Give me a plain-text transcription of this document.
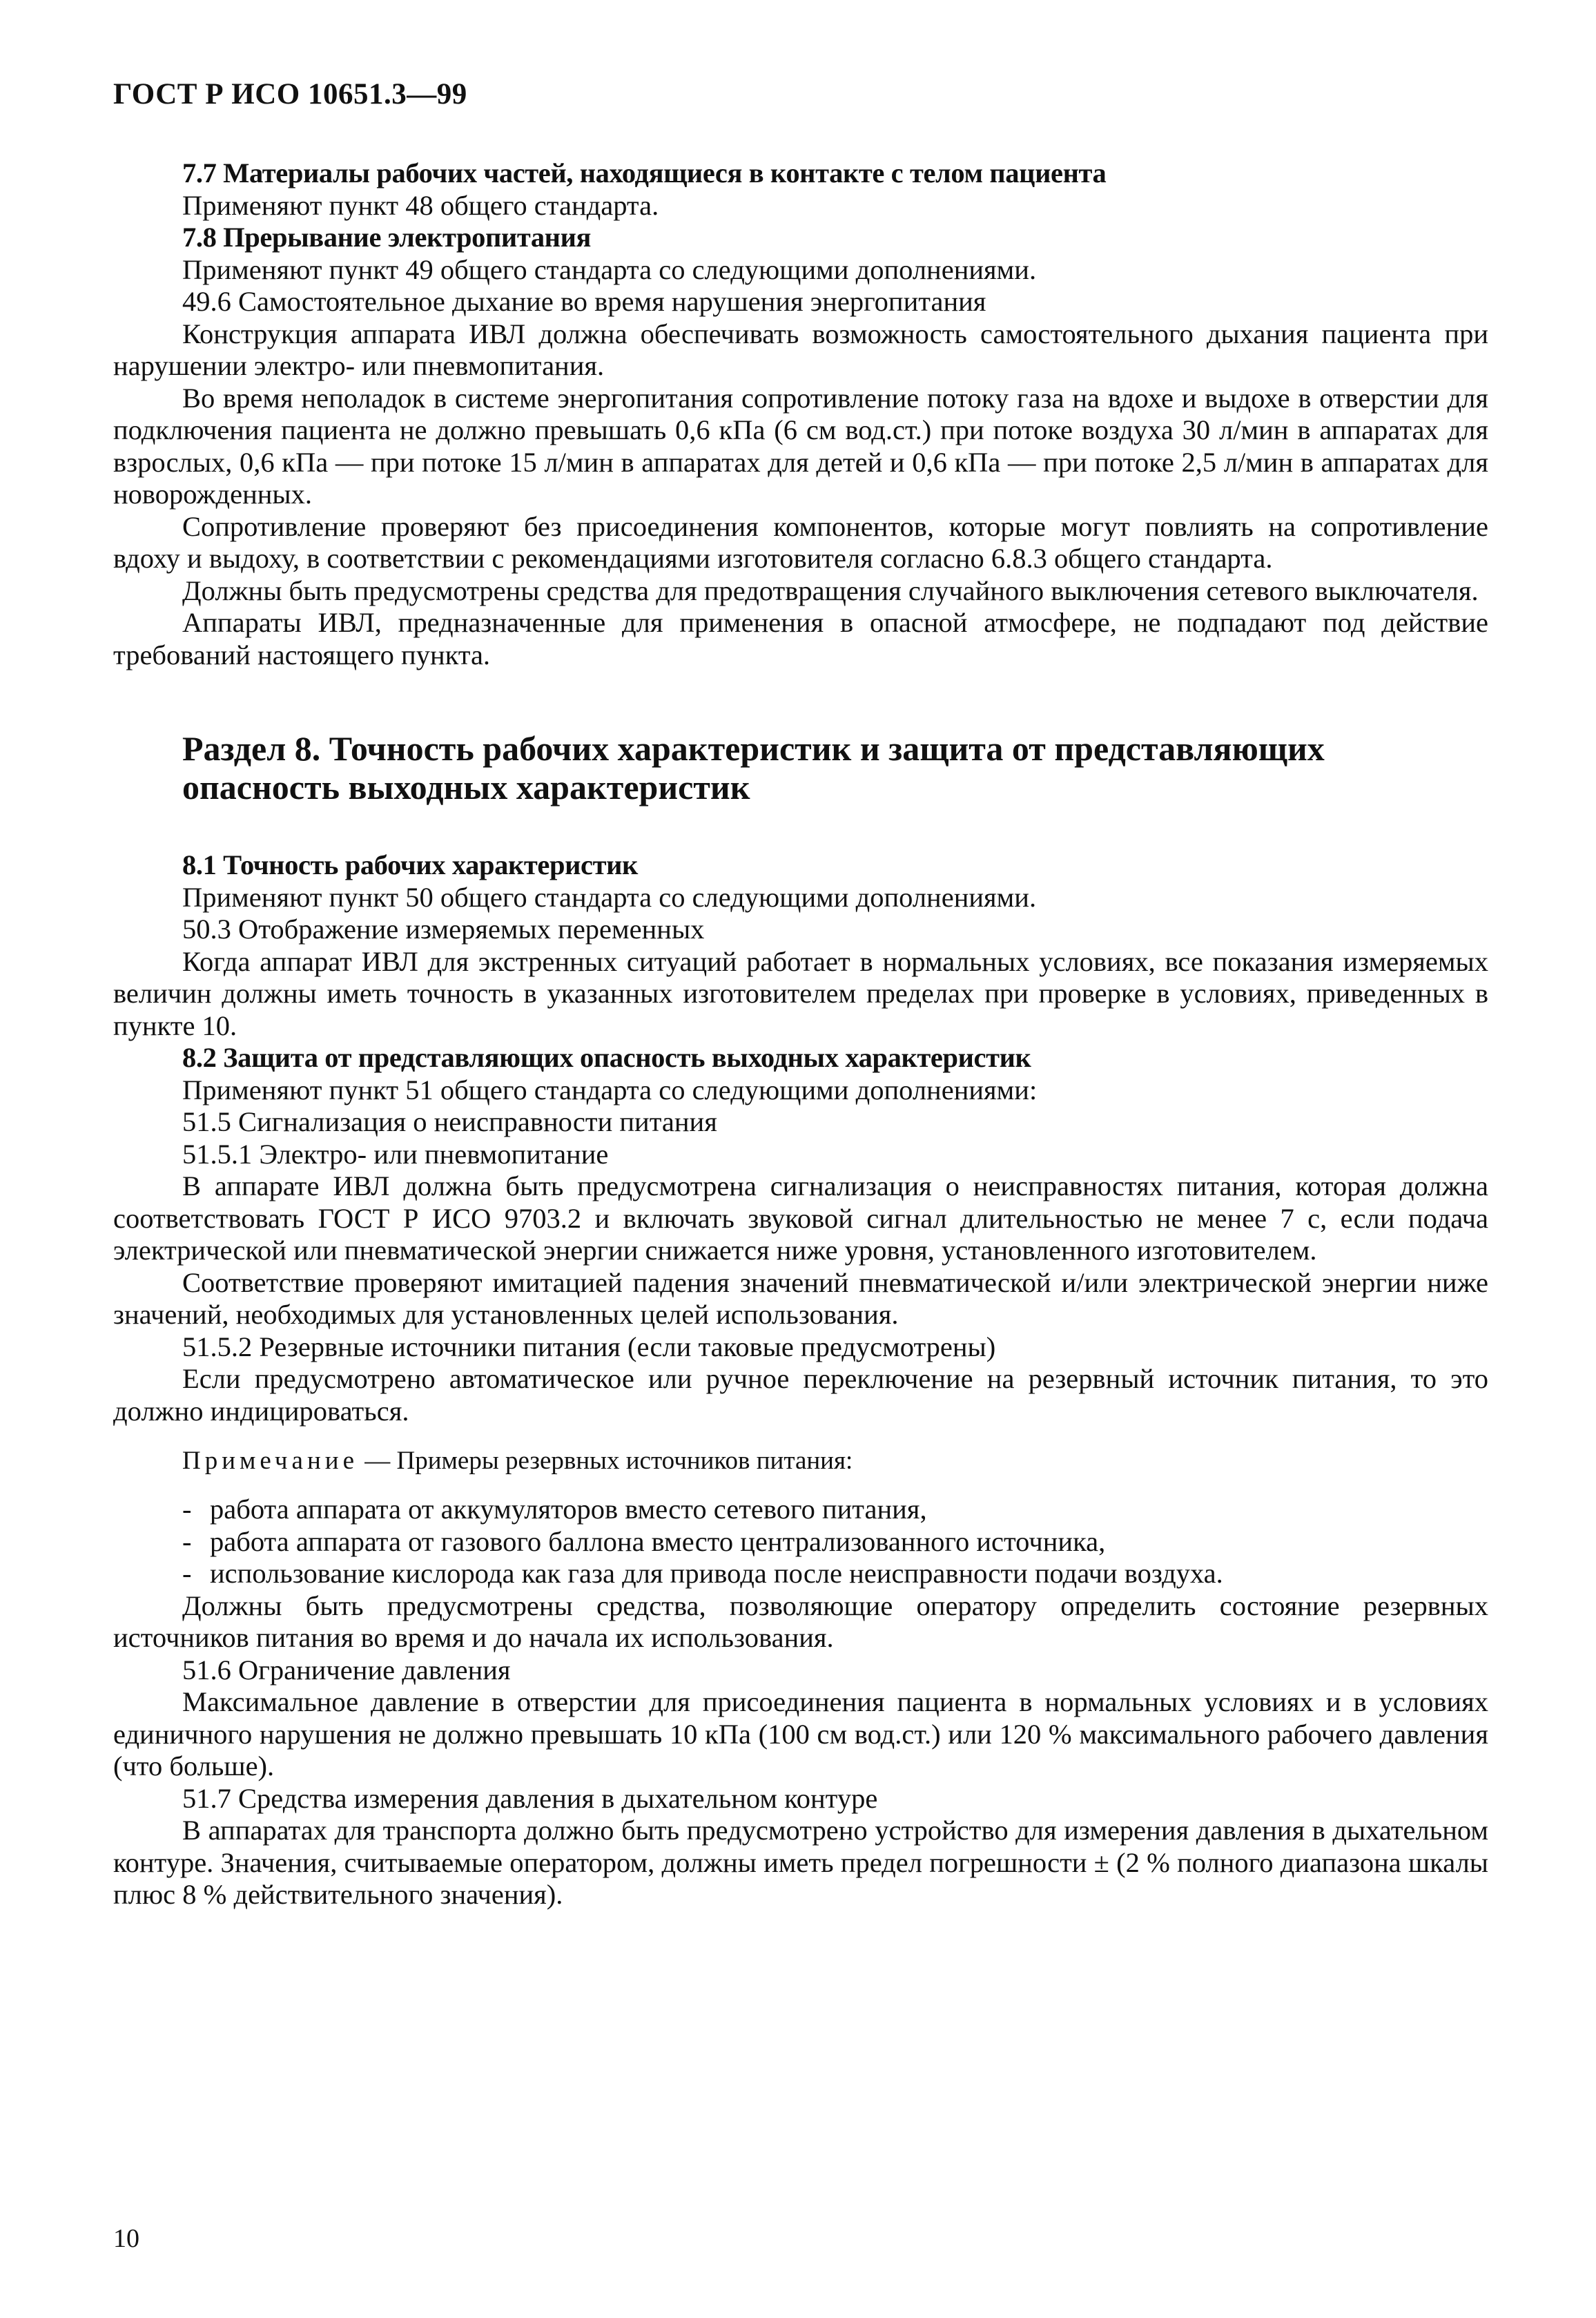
ГОСТ Р ИСО 10651.3—99

7.7 Материалы рабочих частей, находящиеся в контакте с телом пациента

Применяют пункт 48 общего стандарта.

7.8 Прерывание электропитания

Применяют пункт 49 общего стандарта со следующими дополнениями.

49.6 Самостоятельное дыхание во время нарушения энергопитания

Конструкция аппарата ИВЛ должна обеспечивать возможность самостоятельного дыхания пациента при нарушении электро- или пневмопитания.

Во время неполадок в системе энергопитания сопротивление потоку газа на вдохе и выдохе в отверстии для подключения пациента не должно превышать 0,6 кПа (6 см вод.ст.) при потоке воздуха 30 л/мин в аппаратах для взрослых, 0,6 кПа — при потоке 15 л/мин в аппаратах для детей и 0,6 кПа — при потоке 2,5 л/мин в аппаратах для новорожденных.

Сопротивление проверяют без присоединения компонентов, которые могут повлиять на сопротивление вдоху и выдоху, в соответствии с рекомендациями изготовителя согласно 6.8.3 общего стандарта.

Должны быть предусмотрены средства для предотвращения случайного выключения сетевого выключателя.

Аппараты ИВЛ, предназначенные для применения в опасной атмосфере, не подпадают под действие требований настоящего пункта.

Раздел 8. Точность рабочих характеристик и защита от представляющих опасность выходных характеристик

8.1 Точность рабочих характеристик

Применяют пункт 50 общего стандарта со следующими дополнениями.

50.3 Отображение измеряемых переменных

Когда аппарат ИВЛ для экстренных ситуаций работает в нормальных условиях, все показания измеряемых величин должны иметь точность в указанных изготовителем пределах при проверке в условиях, приведенных в пункте 10.

8.2 Защита от представляющих опасность выходных характеристик

Применяют пункт 51 общего стандарта со следующими дополнениями:

51.5 Сигнализация о неисправности питания

51.5.1 Электро- или пневмопитание

В аппарате ИВЛ должна быть предусмотрена сигнализация о неисправностях питания, которая должна соответствовать ГОСТ Р ИСО 9703.2 и включать звуковой сигнал длительностью не менее 7 с, если подача электрической или пневматической энергии снижается ниже уровня, установленного изготовителем.

Соответствие проверяют имитацией падения значений пневматической и/или электрической энергии ниже значений, необходимых для установленных целей использования.

51.5.2 Резервные источники питания (если таковые предусмотрены)

Если предусмотрено автоматическое или ручное переключение на резервный источник питания, то это должно индицироваться.

Примечание — Примеры резервных источников питания:
- работа аппарата от аккумуляторов вместо сетевого питания,
- работа аппарата от газового баллона вместо централизованного источника,
- использование кислорода как газа для привода после неисправности подачи воздуха.

Должны быть предусмотрены средства, позволяющие оператору определить состояние резервных источников питания во время и до начала их использования.

51.6 Ограничение давления

Максимальное давление в отверстии для присоединения пациента в нормальных условиях и в условиях единичного нарушения не должно превышать 10 кПа (100 см вод.ст.) или 120 % максимального рабочего давления (что больше).

51.7 Средства измерения давления в дыхательном контуре

В аппаратах для транспорта должно быть предусмотрено устройство для измерения давления в дыхательном контуре. Значения, считываемые оператором, должны иметь предел погрешности ± (2 % полного диапазона шкалы плюс 8 % действительного значения).

10
